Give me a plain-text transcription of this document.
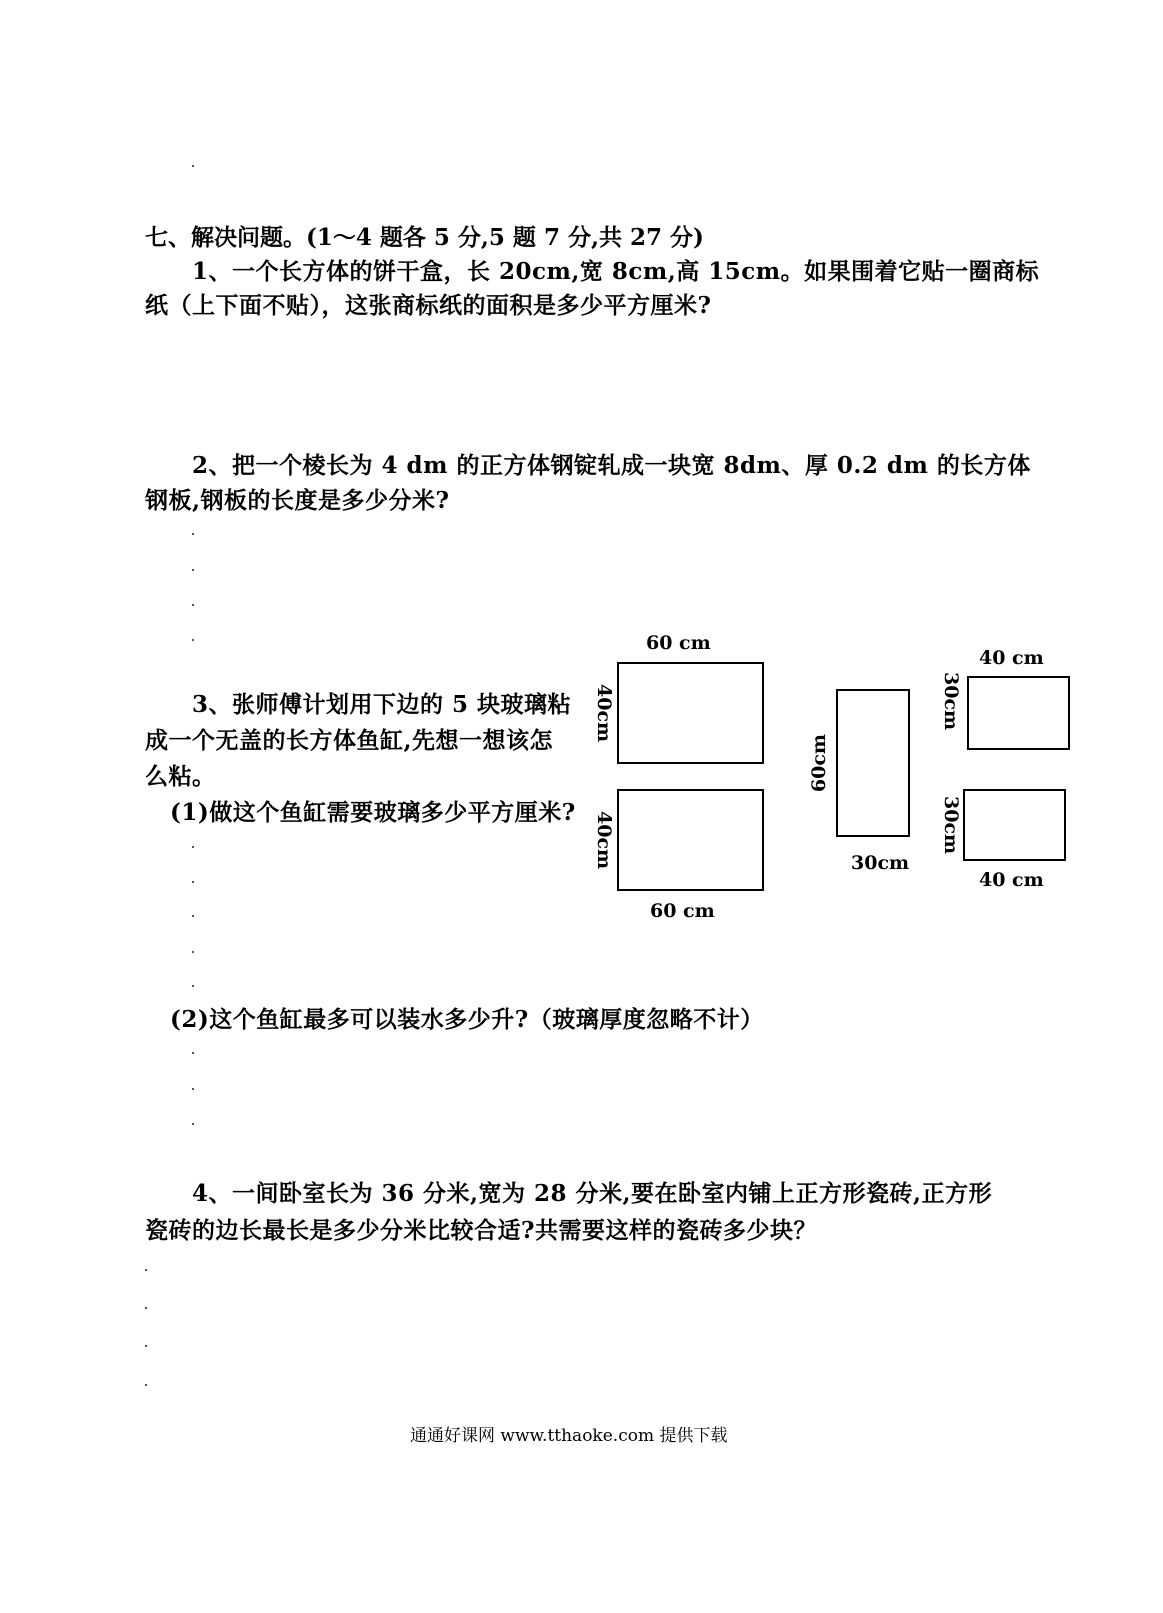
七、解决问题。(1～4 题各 5 分,5 题 7 分,共 27 分)
1、一个长方体的饼干盒，长 20cm,宽 8cm,高 15cm。如果围着它贴一圈商标
纸（上下面不贴），这张商标纸的面积是多少平方厘米?
2、把一个棱长为 4 dm 的正方体钢锭轧成一块宽 8dm、厚 0.2 dm 的长方体
钢板,钢板的长度是多少分米?
3、张师傅计划用下边的 5 块玻璃粘
成一个无盖的长方体鱼缸,先想一想该怎
么粘。
(1)做这个鱼缸需要玻璃多少平方厘米?
60 cm
40cm
40cm
60 cm
60cm
30cm
40 cm
30cm
30cm
40 cm
(2)这个鱼缸最多可以装水多少升?（玻璃厚度忽略不计）
4、一间卧室长为 36 分米,宽为 28 分米,要在卧室内铺上正方形瓷砖,正方形
瓷砖的边长最长是多少分米比较合适?共需要这样的瓷砖多少块？
通通好课网 www.tthaoke.com 提供下载
